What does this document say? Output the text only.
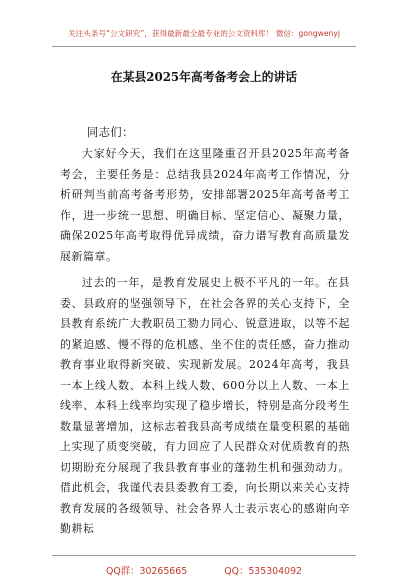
关注头条号“公文研究”，获得最新最全最专业的公文资料库！ 微信：gongwenyj
在某县2025年高考备考会上的讲话
同志们：

大家好今天，我们在这里隆重召开县2025年高考备考会，主要任务是：总结我县2024年高考工作情况，分析研判当前高考备考形势，安排部署2025年高考备考工作，进一步统一思想、明确目标、坚定信心、凝聚力量，确保2025年高考取得优异成绩，奋力谱写教育高质量发展新篇章。

过去的一年，是教育发展史上极不平凡的一年。在县委、县政府的坚强领导下，在社会各界的关心支持下，全县教育系统广大教职员工勠力同心、锐意进取，以等不起的紧迫感、慢不得的危机感、坐不住的责任感，奋力推动教育事业取得新突破、实现新发展。2024年高考，我县一本上线人数、本科上线人数、600分以上人数、一本上线率、本科上线率均实现了稳步增长，特别是高分段考生数量显著增加，这标志着我县高考成绩在量变积累的基础上实现了质变突破，有力回应了人民群众对优质教育的热切期盼充分展现了我县教育事业的蓬勃生机和强劲动力。借此机会，我谨代表县委教育工委，向长期以来关心支持教育发展的各级领导、社会各界人士表示衷心的感谢向辛勤耕耘

QQ群：30265665	QQ：535304092
